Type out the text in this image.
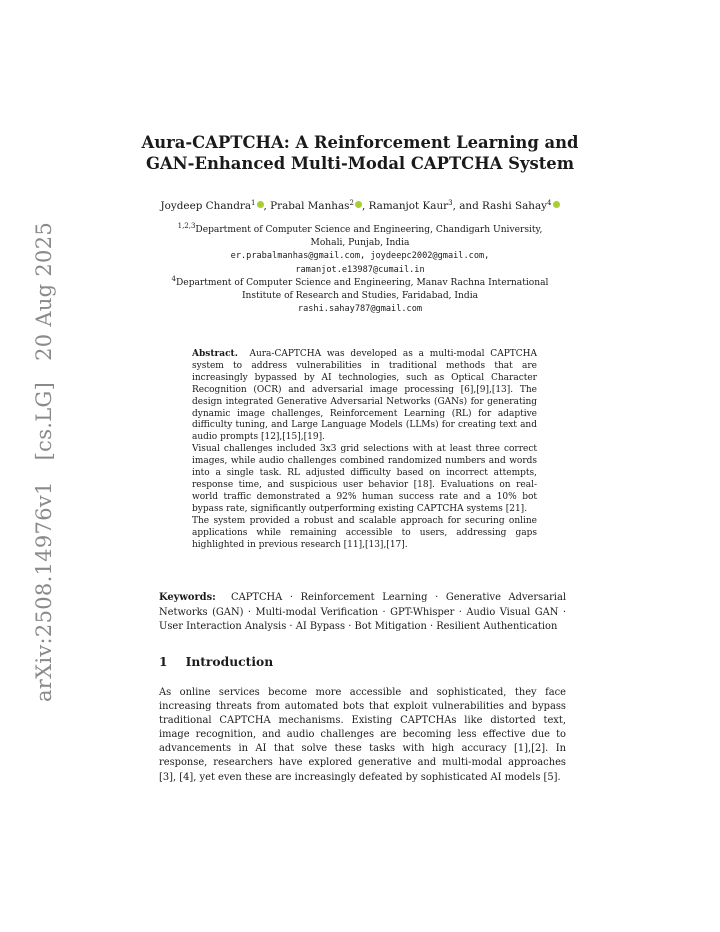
arXiv:2508.14976v1 [cs.LG] 20 Aug 2025
Aura-CAPTCHA: A Reinforcement Learning and
GAN-Enhanced Multi-Modal CAPTCHA System
Joydeep Chandra$^1$ , Prabal Manhas$^2$ , Ramanjot Kaur$^3$, and Rashi Sahay$^4$
$^{1,2,3}$Department of Computer Science and Engineering, Chandigarh University,
Mohali, Punjab, India
er.prabalmanhas@gmail.com, joydeepc2002@gmail.com,
ramanjot.e13987@cumail.in
$^4$Department of Computer Science and Engineering, Manav Rachna International
Institute of Research and Studies, Faridabad, India
rashi.sahay787@gmail.com

Abstract. Aura-CAPTCHA was developed as a multi-modal CAPTCHA system to address vulnerabilities in traditional methods that are increasingly bypassed by AI technologies, such as Optical Character Recognition (OCR) and adversarial image processing [6],[9],[13]. The design integrated Generative Adversarial Networks (GANs) for generating dynamic image challenges, Reinforcement Learning (RL) for adaptive difficulty tuning, and Large Language Models (LLMs) for creating text and audio prompts [12],[15],[19].

Visual challenges included 3x3 grid selections with at least three correct images, while audio challenges combined randomized numbers and words into a single task. RL adjusted difficulty based on incorrect attempts, response time, and suspicious user behavior [18]. Evaluations on real-world traffic demonstrated a 92% human success rate and a 10% bot bypass rate, significantly outperforming existing CAPTCHA systems [21].

The system provided a robust and scalable approach for securing online applications while remaining accessible to users, addressing gaps highlighted in previous research [11],[13],[17].

Keywords: CAPTCHA · Reinforcement Learning · Generative Adversarial Networks (GAN) · Multi-modal Verification · GPT-Whisper · Audio Visual GAN · User Interaction Analysis · AI Bypass · Bot Mitigation · Resilient Authentication
1 Introduction
As online services become more accessible and sophisticated, they face increasing threats from automated bots that exploit vulnerabilities and bypass traditional CAPTCHA mechanisms. Existing CAPTCHAs like distorted text, image recognition, and audio challenges are becoming less effective due to advancements in AI that solve these tasks with high accuracy [1],[2]. In response, researchers have explored generative and multi-modal approaches [3], [4], yet even these are increasingly defeated by sophisticated AI models [5].
